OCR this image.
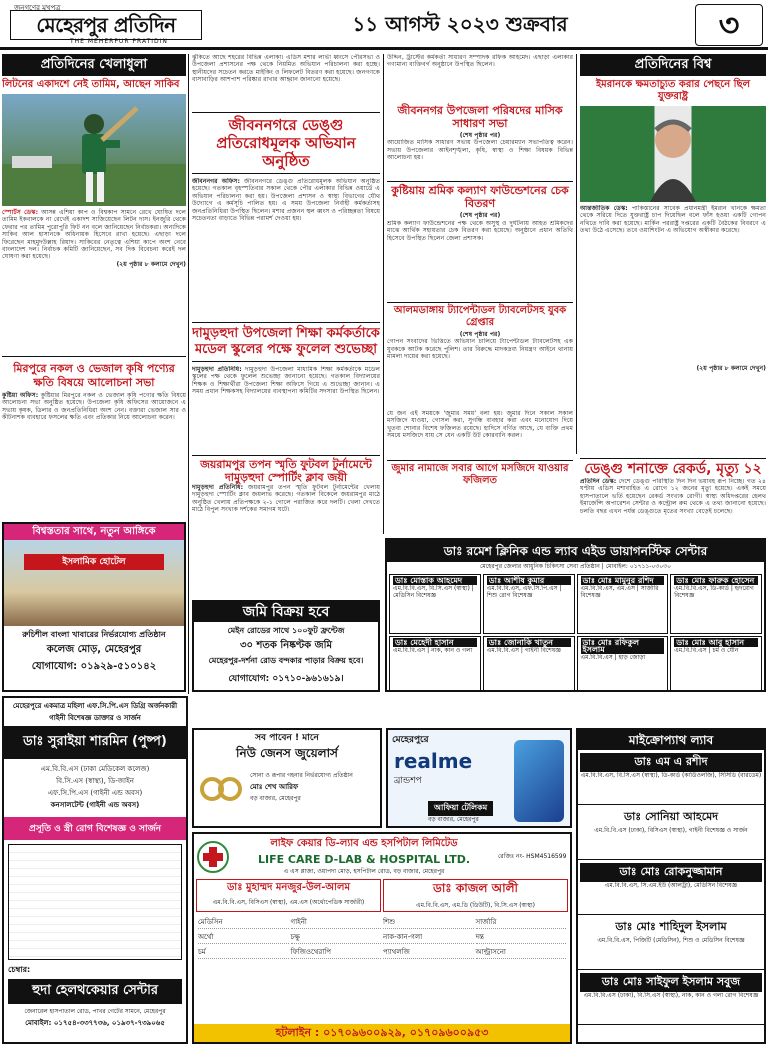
জনগণের মুখপত্র
মেহেরপুর প্রতিদিন
THE MEHERPUR PRATIDIN
১১ আগস্ট ২০২৩ শুক্রবার	৩
প্রতিদিনের খেলাধুলা
লিটনের একাদশে নেই তামিম, আছেন সাকিব
স্পোর্টস ডেস্ক: আসন্ন এশিয়া কাপ ও বিশ্বকাপ সামনে রেখে ঘোষিত দলে তামিম ইকবালকে না রেখেই একাদশ সাজিয়েছেন লিটন দাস। ইনজুরি থেকে ফেরার পর তামিম পুরোপুরি ফিট নন বলে জানিয়েছেন নির্বাচকরা। অন্যদিকে সাকিব আল হাসানকে অধিনায়ক হিসেবে রাখা হয়েছে। এছাড়া দলে ফিরেছেন মাহমুদউল্লাহ রিয়াদ। সাকিবের নেতৃত্বে এশিয়া কাপে অংশ নেবে বাংলাদেশ দল। নির্বাচক কমিটি জানিয়েছেন, সব দিক বিবেচনা করেই দল ঘোষণা করা হয়েছে।
(২য় পৃষ্ঠার ৮ কলামে দেখুন)
ঝুঁকিতে আছে শহরের বিভিন্ন এলাকা। এডিস মশার লার্ভা ধ্বংসে পৌরসভা ও উপজেলা প্রশাসনের পক্ষ থেকে নিয়মিত অভিযান পরিচালনা করা হচ্ছে। স্থানীয়দের সচেতন করতে মাইকিং ও লিফলেট বিতরণ করা হয়েছে। জনগণকে বাসাবাড়ির আশপাশ পরিষ্কার রাখার আহ্বান জানানো হয়েছে।
জীবননগরে ডেঙ্গু প্রতিরোধমূলক অভিযান অনুষ্ঠিত
জীবননগর অফিস: জীবননগরে ডেঙ্গু প্রতিরোধমূলক অভিযান অনুষ্ঠিত হয়েছে। গতকাল বৃহস্পতিবার সকাল থেকে পৌর এলাকার বিভিন্ন ওয়ার্ডে এ অভিযান পরিচালনা করা হয়। উপজেলা প্রশাসন ও স্বাস্থ্য বিভাগের যৌথ উদ্যোগে এ কর্মসূচি পালিত হয়। এ সময় উপজেলা নির্বাহী কর্মকর্তাসহ জনপ্রতিনিধিরা উপস্থিত ছিলেন। মশার প্রজনন স্থল ধ্বংস ও পরিচ্ছন্নতা বিষয়ে সচেতনতা বাড়াতে বিভিন্ন পরামর্শ দেওয়া হয়।
দামুড়হুদা উপজেলা শিক্ষা কর্মকর্তাকে মডেল স্কুলের পক্ষে ফুলেল শুভেচ্ছা
দামুড়হুদা প্রতিনিধি: দামুড়হুদা উপজেলা মাধ্যমিক শিক্ষা কর্মকর্তাকে মডেল স্কুলের পক্ষ থেকে ফুলেল শুভেচ্ছা জানানো হয়েছে। গতকাল বিদ্যালয়ের শিক্ষক ও শিক্ষার্থীরা উপজেলা শিক্ষা অফিসে গিয়ে এ শুভেচ্ছা জানান। এ সময় প্রধান শিক্ষকসহ বিদ্যালয়ের ব্যবস্থাপনা কমিটির সদস্যরা উপস্থিত ছিলেন।
উদ্দিন, ট্রাস্টের কর্মকর্তা সাধারণ সম্পাদক রফিক আহমেদ। এছাড়া এলাকার গণ্যমান্য ব্যক্তিবর্গ অনুষ্ঠানে উপস্থিত ছিলেন।
জীবননগর উপজেলা পরিষদের মাসিক সাধারণ সভা
(শেষ পৃষ্ঠার পর)
আয়োজিত মাসিক সাধারণ সভায় উপজেলা চেয়ারম্যান সভাপতিত্ব করেন। সভায় উপজেলার আইনশৃঙ্খলা, কৃষি, স্বাস্থ্য ও শিক্ষা বিষয়ক বিভিন্ন আলোচনা হয়।
কুষ্টিয়ায় শ্রমিক কল্যাণ ফাউন্ডেশনের চেক বিতরণ
(শেষ পৃষ্ঠার পর)
শ্রমিক কল্যাণ ফাউন্ডেশনের পক্ষ থেকে অসুস্থ ও দুর্ঘটনায় আহত শ্রমিকদের মাঝে আর্থিক সহায়তার চেক বিতরণ করা হয়েছে। অনুষ্ঠানে প্রধান অতিথি হিসেবে উপস্থিত ছিলেন জেলা প্রশাসক।
আলমডাঙ্গায় ট্যাপেন্টাডল ট্যাবলেটসহ যুবক গ্রেপ্তার
(শেষ পৃষ্ঠার পর)
গোপন সংবাদের ভিত্তিতে অভিযান চালিয়ে ট্যাপেন্টাডল ট্যাবলেটসহ এক যুবককে আটক করেছে পুলিশ। তার বিরুদ্ধে মাদকদ্রব্য নিয়ন্ত্রণ আইনে থানায় মামলা দায়ের করা হয়েছে।
জুমার নামাজে সবার আগে মসজিদে যাওয়ার ফজিলত
প্রতিদিনের বিশ্ব
ইমরানকে ক্ষমতাচ্যুত করার পেছনে ছিল যুক্তরাষ্ট্র
আন্তর্জাতিক ডেস্ক: পাকিস্তানের সাবেক প্রধানমন্ত্রী ইমরান খানকে ক্ষমতা থেকে সরিয়ে দিতে যুক্তরাষ্ট্র চাপ দিয়েছিল বলে ফাঁস হওয়া একটি গোপন নথিতে দাবি করা হয়েছে। মার্কিন পররাষ্ট্র দপ্তরের একটি বৈঠকের বিবরণে এ তথ্য উঠে এসেছে। তবে ওয়াশিংটন এ অভিযোগ অস্বীকার করেছে।
(২য় পৃষ্ঠার ৮ কলামে দেখুন)
মিরপুরে নকল ও ভেজাল কৃষি পণ্যের ক্ষতি বিষয়ে আলোচনা সভা
কুষ্টিয়া অফিস: কুষ্টিয়ার মিরপুরে নকল ও ভেজাল কৃষি পণ্যের ক্ষতি বিষয়ে আলোচনা সভা অনুষ্ঠিত হয়েছে। উপজেলা কৃষি অফিসের আয়োজনে এ সভায় কৃষক, ডিলার ও জনপ্রতিনিধিরা অংশ নেন। বক্তারা ভেজাল সার ও কীটনাশক ব্যবহারে ফসলের ক্ষতি এবং প্রতিকার নিয়ে আলোচনা করেন।
জয়রামপুর তপন স্মৃতি ফুটবল টুর্নামেন্টে দামুড়হুদা স্পোর্টিং ক্লাব জয়ী
দামুড়হুদা প্রতিনিধি: জয়রামপুর তপন স্মৃতি ফুটবল টুর্নামেন্টের খেলায় দামুড়হুদা স্পোর্টিং ক্লাব জয়লাভ করেছে। গতকাল বিকেলে জয়রামপুর মাঠে অনুষ্ঠিত খেলায় প্রতিপক্ষকে ২-১ গোলে পরাজিত করে দলটি। খেলা দেখতে মাঠে বিপুল সংখ্যক দর্শকের সমাগম ঘটে।
যে জন এই সময়কে 'জুমার সময়' বলা হয়। জুমার দিনে সকাল সকাল মসজিদে যাওয়া, গোসল করা, সুগন্ধি ব্যবহার করা এবং মনোযোগ দিয়ে খুতবা শোনার বিশেষ ফজিলত রয়েছে। হাদিসে বর্ণিত আছে, যে ব্যক্তি প্রথম সময়ে মসজিদে যায় সে যেন একটি উট কোরবানি করল।
ডেঙ্গু শনাক্তে রেকর্ড, মৃত্যু ১২
প্রতিদিন ডেস্ক: দেশে ডেঙ্গু পরিস্থিতি দিন দিন ভয়াবহ রূপ নিচ্ছে। গত ২৪ ঘণ্টায় এডিস মশাবাহিত এ রোগে ১২ জনের মৃত্যু হয়েছে। একই সময়ে হাসপাতালে ভর্তি হয়েছেন রেকর্ড সংখ্যক রোগী। স্বাস্থ্য অধিদপ্তরের হেলথ ইমার্জেন্সি অপারেশন সেন্টার ও কন্ট্রোল রুম থেকে এ তথ্য জানানো হয়েছে। চলতি বছর এখন পর্যন্ত ডেঙ্গুতে মৃতের সংখ্যা বেড়েই চলেছে।
বিশ্বস্ততার সাথে, নতুন আঙ্গিকে
ইসলামিক হোটেল
রুচিশীল বাংলা খাবারের নির্ভরযোগ্য প্রতিষ্ঠান
কলেজ মোড়, মেহেরপুর
যোগাযোগ: ০১৯২৯-৫১০১৪২
জমি বিক্রয় হবে
মেইন রোডের সাথে ১০০ফুট ফ্রন্টেজ
৩০ শতক নিষ্কণ্টক জমি
মেহেরপুর-দর্শনা রোড বন্দকার পাড়ার বিক্রয় হবে।
যোগাযোগ: ০১৭১০-৯৬১৬১৯।
ডাঃ রমেশ ক্লিনিক এন্ড ল্যাব এইড ডায়াগনস্টিক সেন্টার
মেহেরপুর জেলার আধুনিক চিকিৎসা সেবা প্রতিষ্ঠান | মোবাইল: ০১৭১১-০৩০৩০
ডাঃ মোস্তাক আহমেদ
এম.বি.বি.এস, বি.সি.এস (স্বাস্থ্য) | মেডিসিন বিশেষজ্ঞ
ডাঃ আশীষ কুমার
এম.বি.বি.এস, এফ.সি.পি.এস | শিশু রোগ বিশেষজ্ঞ
ডাঃ মোঃ মামুনুর রশিদ
এম.বি.বি.এস, এম.এস | সার্জারি বিশেষজ্ঞ
ডাঃ মোঃ ফারুক হোসেন
এম.বি.বি.এস, ডি-কার্ড | হৃদরোগ বিশেষজ্ঞ
ডাঃ মেহেদী হাসান
এম.বি.বি.এস | নাক, কান ও গলা
ডাঃ জোনাকি খাতুন
এম.বি.বি.এস | গাইনী বিশেষজ্ঞ
ডাঃ মোঃ রফিকুল ইসলাম
এম.বি.বি.এস | হাড় জোড়া
ডাঃ মোঃ আবু হাসান
এম.বি.বি.এস | চর্ম ও যৌন
মেহেরপুরে একমাত্র মহিলা এফ.সি.পি.এস ডিগ্রি অর্জনকারী গাইনী বিশেষজ্ঞ ডাক্তার ও সার্জন
ডাঃ সুরাইয়া শারমিন (পুষ্প)
এম.বি.বি.এস (ঢাকা মেডিকেল কলেজ)
বি.সি.এস (স্বাস্থ্য), ডি-জাইন
এফ.সি.পি.এস (গাইনী এন্ড অবস)
কনসালটেন্ট (গাইনী এন্ড অবস)
প্রসূতি ও স্ত্রী রোগ বিশেষজ্ঞ ও সার্জন
চেম্বার:
হুদা হেলথকেয়ার সেন্টার
জেনারেল হাসপাতাল রোড, পাখর গেটের সামনে, মেহেরপুর
মোবাইল: ০১৭৫৪-৩৩৭৭৩৬, ০১৯৩৭-৭৩৯০৬৫
সব পাবেন ! মানে
নিউ জেনস জুয়েলার্স
সোনা ও রূপার গহনার নির্ভরযোগ্য প্রতিষ্ঠান
মোঃ শেখ আরিফ
বড় বাজার, মেহেরপুর
মেহেরপুরে
realme
ব্রান্ডশপ
আফিয়া টেলিকম
বড় বাজার, মেহেরপুর
লাইফ কেয়ার ডি-ল্যাব এন্ড হসপিটাল লিমিটেড
LIFE CARE D-LAB & HOSPITAL LTD.
এ এস প্লাজা, ওয়াপদা মোড়, হসপিটাল রোড, বড় বাজার, মেহেরপুর
রেজিঃ নং- HSM4516599
ডাঃ মুহাম্মদ মনজুর-উল-আলম
এম.বি.বি.এস, বিসিএস (স্বাস্থ্য), এম.এস (অর্থোপেডিক সার্জারী)
ডাঃ কাজল আলী
এম.বি.বি.এস, এম.ডি (ডিউটি), বি.সি.এস (স্বাস্থ্য)
মেডিসিন	গাইনী	শিশু	সার্জারি
অর্থো	চক্ষু	নাক-কান-গলা	দন্ত
চর্ম	ফিজিওথেরাপি	প্যাথলজি	আল্ট্রাসনো
হটলাইন : ০১৭০৯৬০০৯২৯, ০১৭০৯৬০০৯৫৩
মাইক্রোপ্যাথ ল্যাব
ডাঃ এম এ রশীদ
এম.বি.বি.এস, বি.সি.এস (স্বাস্থ্য), ডি-কার্ড (কার্ডিওলজি), সিসিডি (বারডেম)
ডাঃ সোনিয়া আহমেদ
এম.বি.বি.এস (ঢাকা), বিসিএস (স্বাস্থ্য), গাইনী বিশেষজ্ঞ ও সার্জন
ডাঃ মোঃ রোকনুজ্জামান
এম.বি.বি.এস, সি.এম.ইউ (আলট্রা), মেডিসিন বিশেষজ্ঞ
ডাঃ মোঃ শাহিদুল ইসলাম
এম.বি.বি.এস, পিজিটি (মেডিসিন), শিশু ও মেডিসিন বিশেষজ্ঞ
ডাঃ মোঃ সাইফুল ইসলাম সবুজ
এম.বি.বি.এস (ঢাকা), বি.সি.এস (স্বাস্থ্য), নাক, কান ও গলা রোগ বিশেষজ্ঞ
